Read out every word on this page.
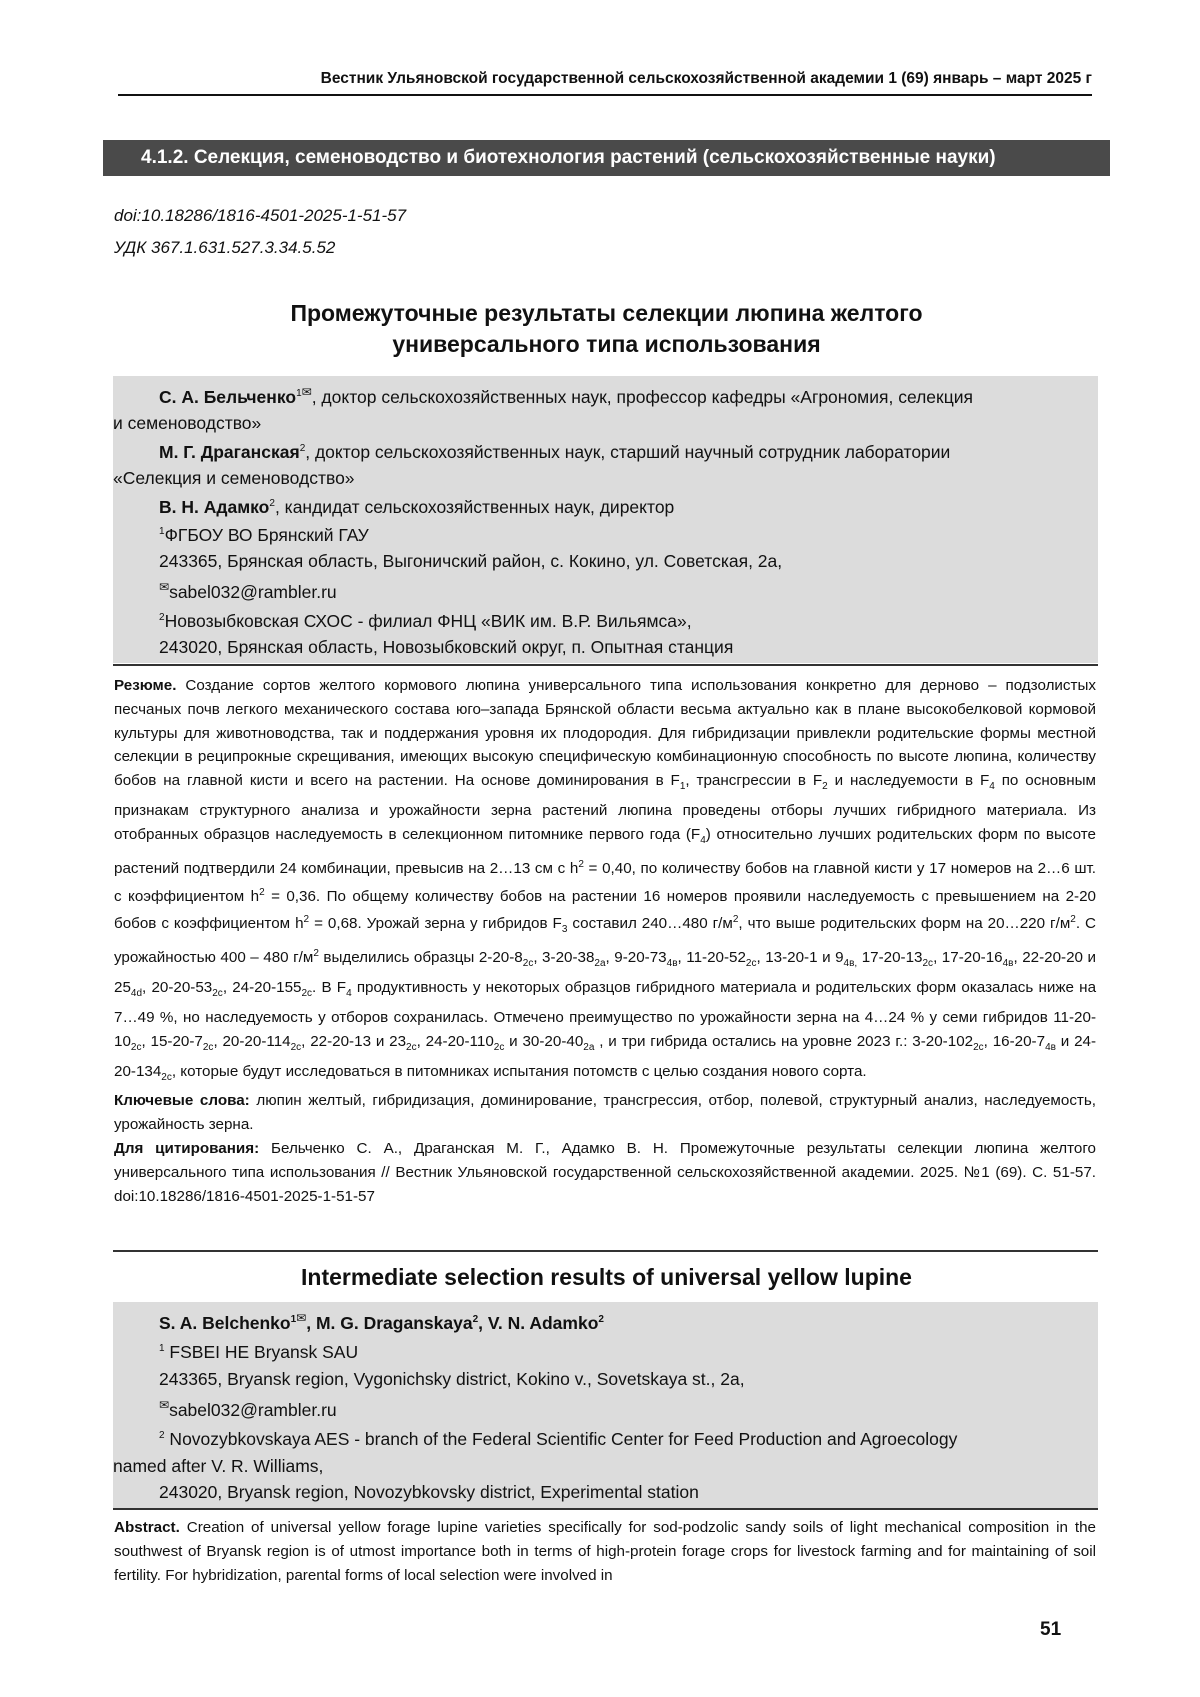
Вестник Ульяновской государственной сельскохозяйственной академии 1 (69) январь – март 2025 г
4.1.2. Селекция, семеноводство и биотехнология растений (сельскохозяйственные науки)
doi:10.18286/1816-4501-2025-1-51-57
УДК 367.1.631.527.3.34.5.52
Промежуточные результаты селекции люпина желтого
универсального типа использования
С. А. Бельченко1✉, доктор сельскохозяйственных наук, профессор кафедры «Агрономия, селекция
и семеноводство»
М. Г. Драганская2, доктор сельскохозяйственных наук, старший научный сотрудник лаборатории
«Селекция и семеноводство»
В. Н. Адамко2, кандидат сельскохозяйственных наук, директор
1ФГБОУ ВО Брянский ГАУ
243365, Брянская область, Выгоничский район, с. Кокино, ул. Советская, 2а,
✉sabel032@rambler.ru
2Новозыбковская СХОС - филиал ФНЦ «ВИК им. В.Р. Вильямса»,
243020, Брянская область, Новозыбковский округ, п. Опытная станция
Резюме. Создание сортов желтого кормового люпина универсального типа использования конкретно для дерново – подзолистых песчаных почв легкого механического состава юго–запада Брянской области весьма актуально как в плане высокобелковой кормовой культуры для животноводства, так и поддержания уровня их плодородия. Для гибридизации привлекли родительские формы местной селекции в реципрокные скрещивания, имеющих высокую специфическую комбинационную способность по высоте люпина, количеству бобов на главной кисти и всего на растении. На основе доминирования в F1, трансгрессии в F2 и наследуемости в F4 по основным признакам структурного анализа и урожайности зерна растений люпина проведены отборы лучших гибридного материала. Из отобранных образцов наследуемость в селекционном питомнике первого года (F4) относительно лучших родительских форм по высоте растений подтвердили 24 комбинации, превысив на 2…13 см с h2 = 0,40, по количеству бобов на главной кисти у 17 номеров на 2…6 шт. с коэффициентом h2 = 0,36. По общему количеству бобов на растении 16 номеров проявили наследуемость с превышением на 2-20 бобов с коэффициентом h2 = 0,68. Урожай зерна у гибридов F3 составил 240…480 г/м2, что выше родительских форм на 20…220 г/м2. С урожайностью 400 – 480 г/м2 выделились образцы 2-20-82с, 3-20-382а, 9-20-734в, 11-20-522с, 13-20-1 и 94в, 17-20-132с, 17-20-164в, 22-20-20 и 254d, 20-20-532с, 24-20-1552с. В F4 продуктивность у некоторых образцов гибридного материала и родительских форм оказалась ниже на 7…49 %, но наследуемость у отборов сохранилась. Отмечено преимущество по урожайности зерна на 4…24 % у семи гибридов 11-20-102с, 15-20-72с, 20-20-1142с, 22-20-13 и 232с, 24-20-1102с и 30-20-402а , и три гибрида остались на уровне 2023 г.: 3-20-1022с, 16-20-74в и 24-20-1342с, которые будут исследоваться в питомниках испытания потомств с целью создания нового сорта.
Ключевые слова: люпин желтый, гибридизация, доминирование, трансгрессия, отбор, полевой, структурный анализ, наследуемость, урожайность зерна.
Для цитирования: Бельченко С. А., Драганская М. Г., Адамко В. Н. Промежуточные результаты селекции люпина желтого универсального типа использования // Вестник Ульяновской государственной сельскохозяйственной академии. 2025. №1 (69). С. 51-57. doi:10.18286/1816-4501-2025-1-51-57
Intermediate selection results of universal yellow lupine
S. A. Belchenko1✉, M. G. Draganskaya2, V. N. Adamko2
1 FSBEI HE Bryansk SAU
243365, Bryansk region, Vygonichsky district, Kokino v., Sovetskaya st., 2a,
✉sabel032@rambler.ru
2 Novozybkovskaya AES - branch of the Federal Scientific Center for Feed Production and Agroecology
named after V. R. Williams,
243020, Bryansk region, Novozybkovsky district, Experimental station
Abstract. Creation of universal yellow forage lupine varieties specifically for sod-podzolic sandy soils of light mechanical composition in the southwest of Bryansk region is of utmost importance both in terms of high-protein forage crops for livestock farming and for maintaining of soil fertility. For hybridization, parental forms of local selection were involved in
51
